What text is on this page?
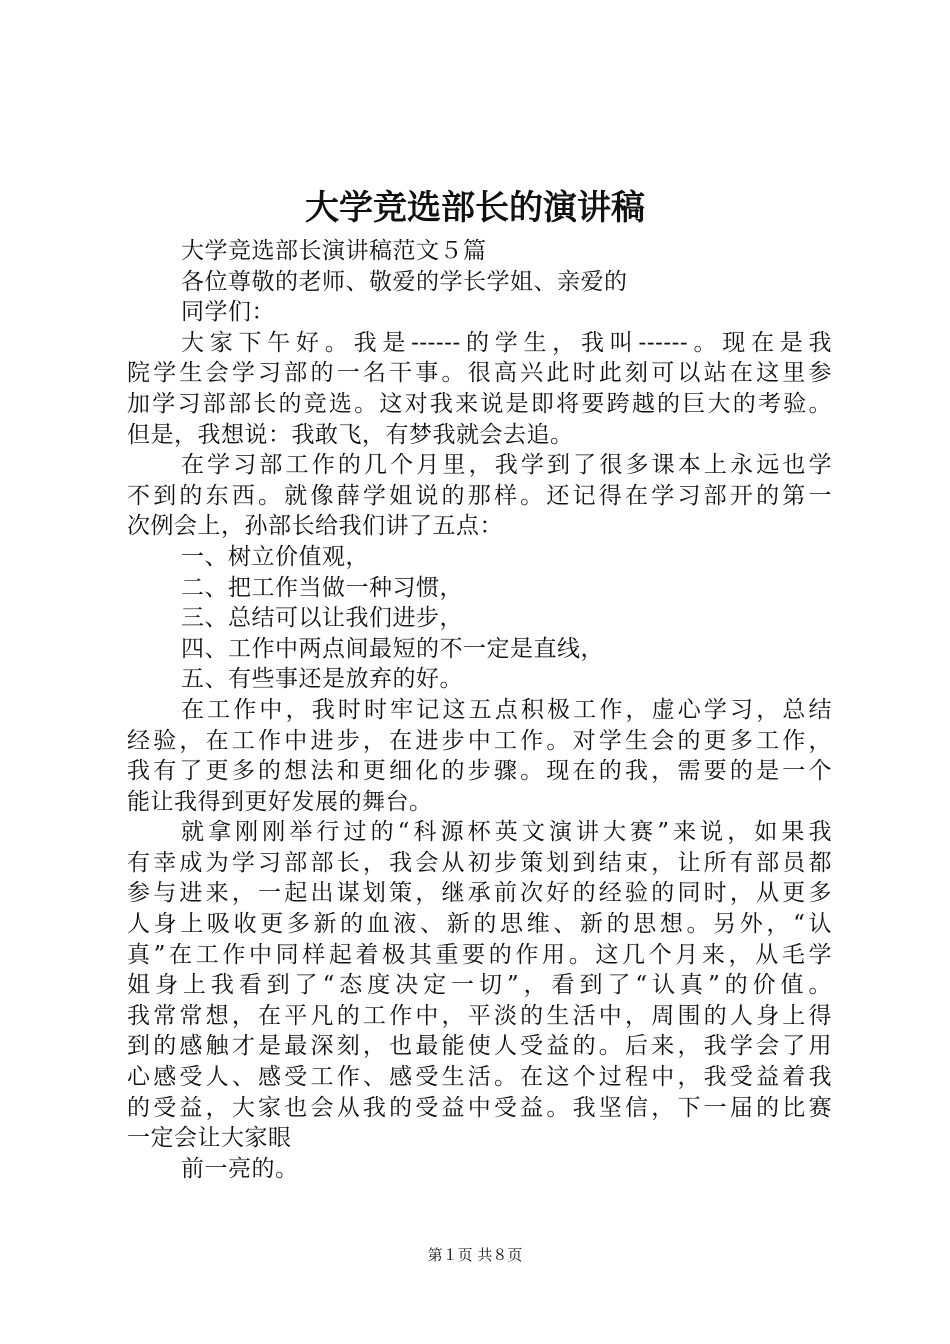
大学竞选部长的演讲稿
大学竞选部长演讲稿范文５篇
各位尊敬的老师、敬爱的学长学姐、亲爱的
同学们：
大家下午好。我是------的学生，我叫------。现在是我
院学生会学习部的一名干事。很高兴此时此刻可以站在这里参
加学习部部长的竞选。这对我来说是即将要跨越的巨大的考验。
但是，我想说：我敢飞，有梦我就会去追。
在学习部工作的几个月里，我学到了很多课本上永远也学
不到的东西。就像薛学姐说的那样。还记得在学习部开的第一
次例会上，孙部长给我们讲了五点：
一、树立价值观，
二、把工作当做一种习惯，
三、总结可以让我们进步，
四、工作中两点间最短的不一定是直线，
五、有些事还是放弃的好。
在工作中，我时时牢记这五点积极工作，虚心学习，总结
经验，在工作中进步，在进步中工作。对学生会的更多工作，
我有了更多的想法和更细化的步骤。现在的我，需要的是一个
能让我得到更好发展的舞台。
就拿刚刚举行过的“科源杯英文演讲大赛”来说，如果我
有幸成为学习部部长，我会从初步策划到结束，让所有部员都
参与进来，一起出谋划策，继承前次好的经验的同时，从更多
人身上吸收更多新的血液、新的思维、新的思想。另外，“认
真”在工作中同样起着极其重要的作用。这几个月来，从毛学
姐身上我看到了“态度决定一切”，看到了“认真”的价值。
我常常想，在平凡的工作中，平淡的生活中，周围的人身上得
到的感触才是最深刻，也最能使人受益的。后来，我学会了用
心感受人、感受工作、感受生活。在这个过程中，我受益着我
的受益，大家也会从我的受益中受益。我坚信，下一届的比赛
一定会让大家眼
前一亮的。
第１页 共８页
